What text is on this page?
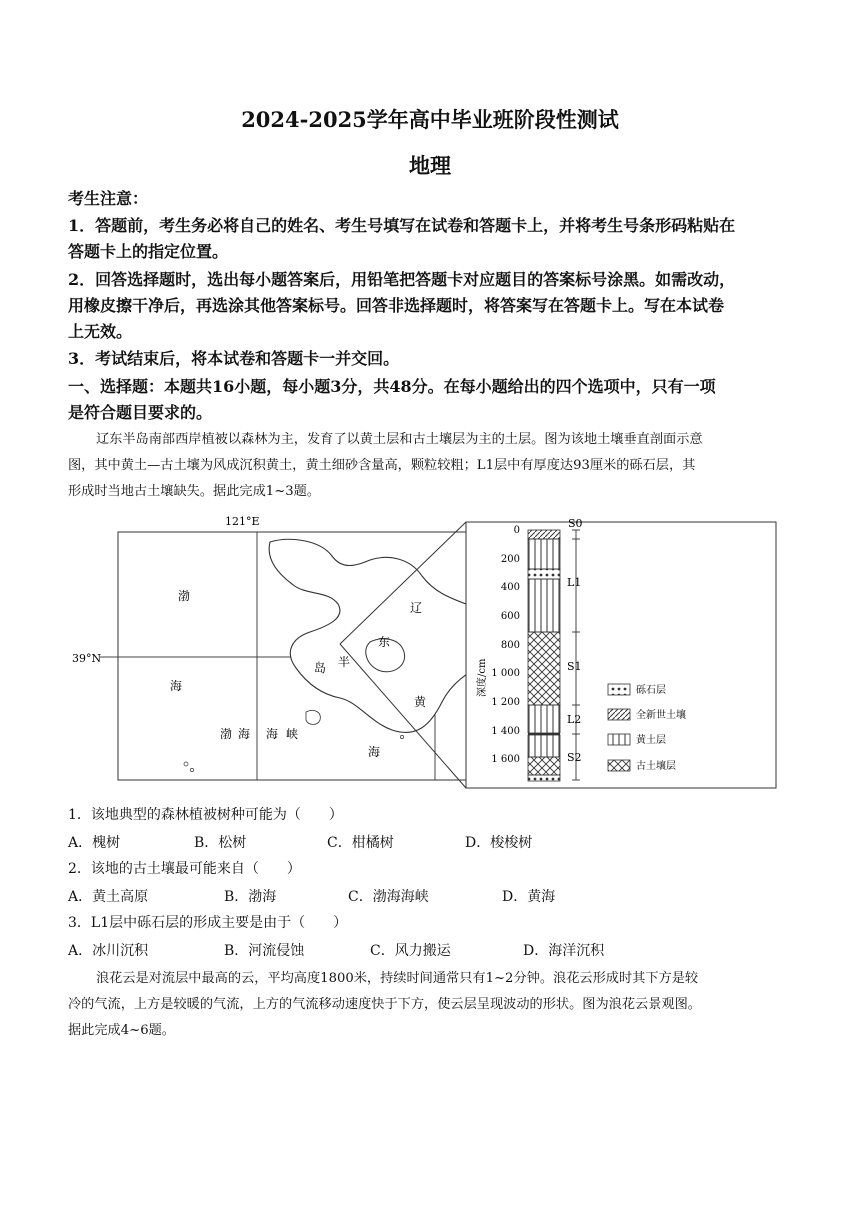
2024-2025学年高中毕业班阶段性测试
地理
考生注意：
1．答题前，考生务必将自己的姓名、考生号填写在试卷和答题卡上，并将考生号条形码粘贴在
答题卡上的指定位置。
2．回答选择题时，选出每小题答案后，用铅笔把答题卡对应题目的答案标号涂黑。如需改动，
用橡皮擦干净后，再选涂其他答案标号。回答非选择题时，将答案写在答题卡上。写在本试卷
上无效。
3．考试结束后，将本试卷和答题卡一并交回。
一、选择题：本题共16小题，每小题3分，共48分。在每小题给出的四个选项中，只有一项
是符合题目要求的。
辽东半岛南部西岸植被以森林为主，发育了以黄土层和古土壤层为主的土层。图为该地土壤垂直剖面示意
图，其中黄土—古土壤为风成沉积黄土，黄土细砂含量高，颗粒较粗；L1层中有厚度达93厘米的砾石层，其
形成时当地古土壤缺失。据此完成1~3题。
121°E
39°N
渤
海
渤 海 海 峡
辽
东
半
岛
黄
海
深度/cm
0
200
400
600
800
1 000
1 200
1 400
1 600
S0
L1
S1
L2
S2
砾石层
全新世土壤
黄土层
古土壤层
1．该地典型的森林植被树种可能为（　　）
A．槐树	B．松树	C．柑橘树	D．梭梭树
2．该地的古土壤最可能来自（　　）
A．黄土高原	B．渤海	C．渤海海峡	D．黄海
3．L1层中砾石层的形成主要是由于（　　）
A．冰川沉积	B．河流侵蚀	C．风力搬运	D．海洋沉积
浪花云是对流层中最高的云，平均高度1800米，持续时间通常只有1~2分钟。浪花云形成时其下方是较
冷的气流，上方是较暖的气流，上方的气流移动速度快于下方，使云层呈现波动的形状。图为浪花云景观图。
据此完成4~6题。
